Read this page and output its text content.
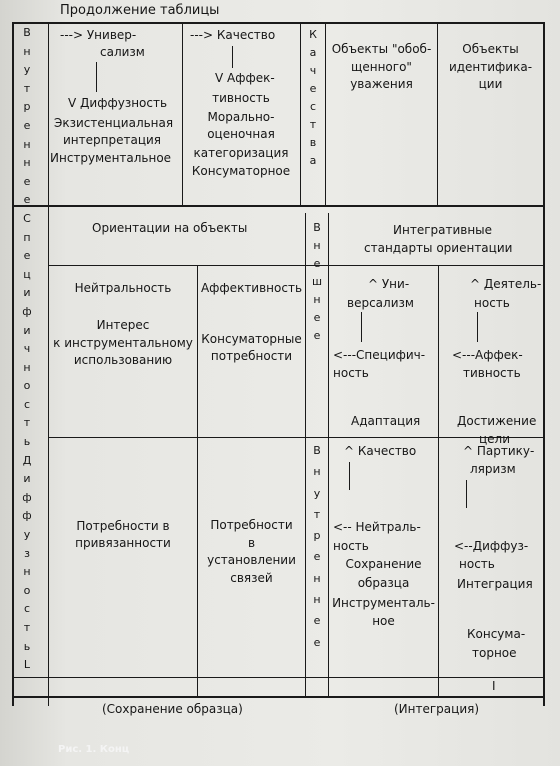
Продолжение таблицы
В
н
у
т
р
е
н
н
е
е
С
п
е
ц
и
ф
и
ч
н
о
с
т
ь
Д
и
ф
ф
у
з
н
о
с
т
ь
L
---> Универ-
сализм
V Диффузность
Экзистенциальная
интерпретация
Инструментальное
---> Качество
V Аффек-
тивность
Морально-
оценочная
категоризация
Консуматорное
К
а
ч
е
с
т
в
а
Объекты "обоб-
щенного"
уважения
Объекты
идентифика-
ции
Ориентации на объекты	Интегративные
стандарты ориентации
Нейтральность
Интерес
к инструментальному
использованию
Аффективность
Консуматорные
потребности
В
н
е
ш
н
е
е
^ Уни-
версализм
<---Специфич-
ность
Адаптация
^ Деятель-
ность
<---Аффек-
тивность
Достижение
цели
Потребности в
привязанности
Потребности
в
установлении
связей
В
н
у
т
р
е
н
н
е
е
^ Качество
<-- Нейтраль-
ность
Сохранение
образца
Инструменталь-
ное
^ Партику-
ляризм
<--Диффуз-
ность
Интеграция
Консума-
торное
I
(Сохранение образца)	(Интеграция)
Рис. 1. Конц
